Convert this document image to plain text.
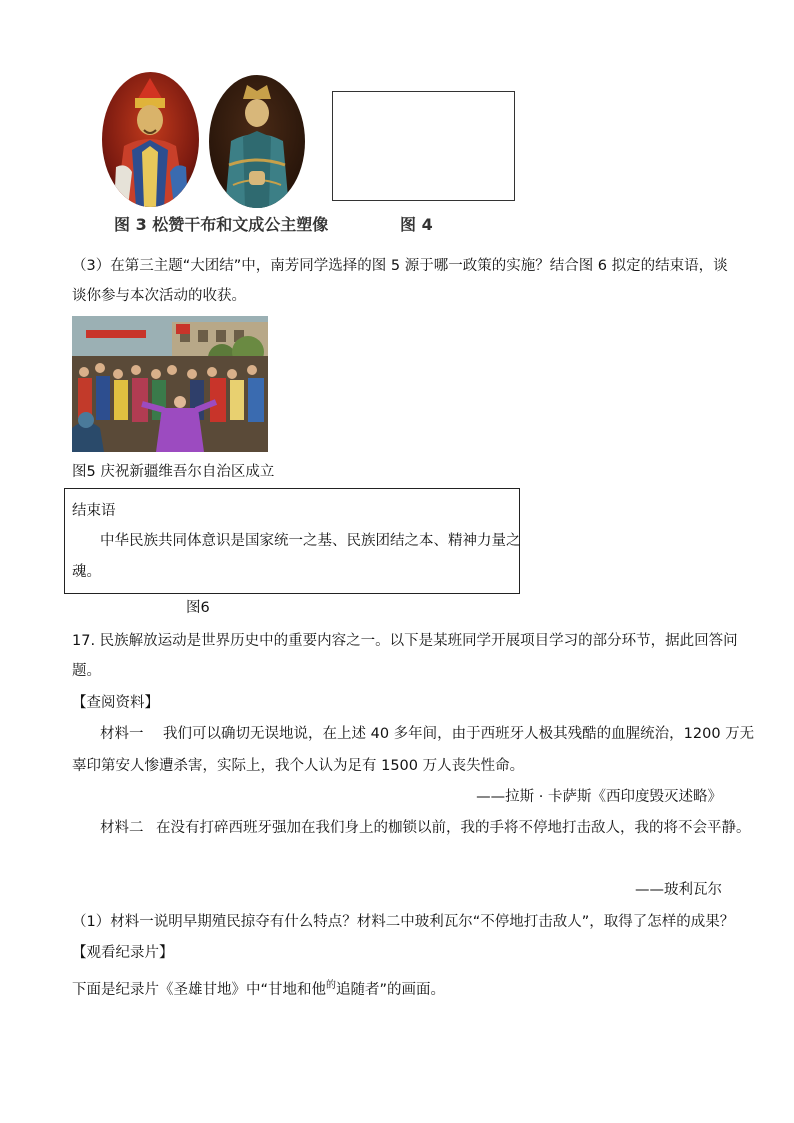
图 3 松赞干布和文成公主塑像	图 4
（3）在第三主题“大团结”中，南芳同学选择的图 5 源于哪一政策的实施？结合图 6 拟定的结束语，谈
谈你参与本次活动的收获。
图5 庆祝新疆维吾尔自治区成立
结束语
中华民族共同体意识是国家统一之基、民族团结之本、精神力量之
魂。
图6
17. 民族解放运动是世界历史中的重要内容之一。以下是某班同学开展项目学习的部分环节，据此回答问
题。
【查阅资料】
材料一 我们可以确切无误地说，在上述 40 多年间，由于西班牙人极其残酷的血腥统治，1200 万无
辜印第安人惨遭杀害，实际上，我个人认为足有 1500 万人丧失性命。
——拉斯 · 卡萨斯《西印度毁灭述略》
材料二 在没有打碎西班牙强加在我们身上的枷锁以前，我的手将不停地打击敌人，我的将不会平静。
——玻利瓦尔
（1）材料一说明早期殖民掠夺有什么特点？材料二中玻利瓦尔“不停地打击敌人”，取得了怎样的成果？
【观看纪录片】
下面是纪录片《圣雄甘地》中“甘地和他$^的$追随者”的画面。
